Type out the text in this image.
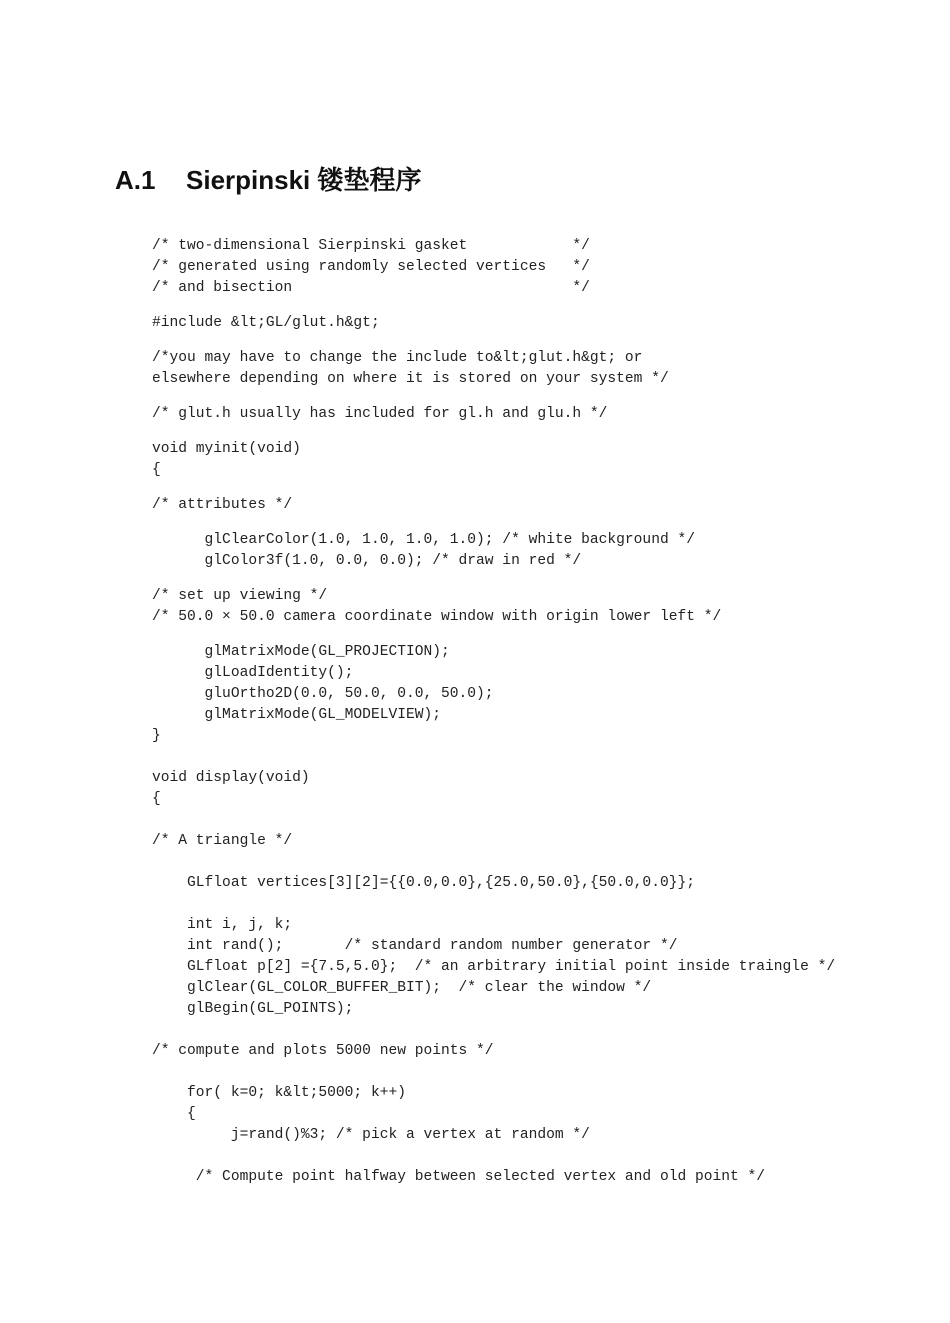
A.1 Sierpinski 镂垫程序

/* two-dimensional Sierpinski gasket            */

/* generated using randomly selected vertices   */

/* and bisection                                */

#include &lt;GL/glut.h&gt;

/*you may have to change the include to&lt;glut.h&gt; or

elsewhere depending on where it is stored on your system */

/* glut.h usually has included for gl.h and glu.h */

void myinit(void)

{

/* attributes */

glClearColor(1.0, 1.0, 1.0, 1.0); /* white background */

glColor3f(1.0, 0.0, 0.0); /* draw in red */

/* set up viewing */

/* 50.0 × 50.0 camera coordinate window with origin lower left */

glMatrixMode(GL_PROJECTION);

glLoadIdentity();

gluOrtho2D(0.0, 50.0, 0.0, 50.0);

glMatrixMode(GL_MODELVIEW);

}

void display(void)

{

/* A triangle */

GLfloat vertices[3][2]={{0.0,0.0},{25.0,50.0},{50.0,0.0}};

int i, j, k;

int rand();       /* standard random number generator */

GLfloat p[2] ={7.5,5.0};  /* an arbitrary initial point inside traingle */

glClear(GL_COLOR_BUFFER_BIT);  /* clear the window */

glBegin(GL_POINTS);

/* compute and plots 5000 new points */

for( k=0; k&lt;5000; k++)

{

j=rand()%3; /* pick a vertex at random */

/* Compute point halfway between selected vertex and old point */
